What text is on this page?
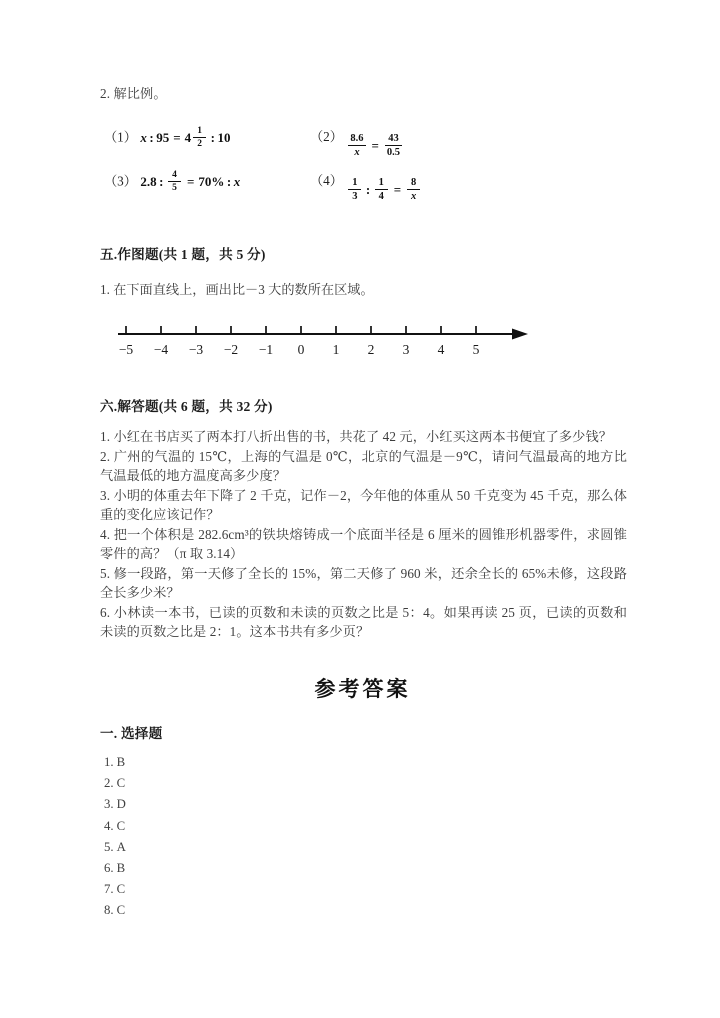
2. 解比例。
（1） x : $95 = 4 \frac{1}{2}$ : 10	$(2) \frac{8.6}{x} = \frac{43}{0.5}$
（3） 2.8 : $\frac{4}{5} = 70\%$ : x	$(4) \frac{1}{3}$ : $\frac{1}{4} = \frac{8}{x}$
五.作图题(共 1 题，共 5 分)
1. 在下面直线上，画出比－3 大的数所在区域。
−5 −4 −3 −2 −1 0 1 2 3 4 5
六.解答题(共 6 题，共 32 分)

1. 小红在书店买了两本打八折出售的书，共花了 42 元，小红买这两本书便宜了多少钱？

2. 广州的气温的 15℃，上海的气温是 0℃，北京的气温是－9℃，请问气温最高的地方比气温最低的地方温度高多少度？

3. 小明的体重去年下降了 2 千克，记作－2，今年他的体重从 50 千克变为 45 千克，那么体重的变化应该记作？

4. 把一个体积是 282.6cm³的铁块熔铸成一个底面半径是 6 厘米的圆锥形机器零件，求圆锥零件的高？（π 取 3.14）

5. 修一段路，第一天修了全长的 15%，第二天修了 960 米，还余全长的 65%未修，这段路全长多少米？

6. 小林读一本书，已读的页数和未读的页数之比是 5：4。如果再读 25 页，已读的页数和未读的页数之比是 2：1。这本书共有多少页？

参考答案
一. 选择题
1. B
2. C
3. D
4. C
5. A
6. B
7. C
8. C
